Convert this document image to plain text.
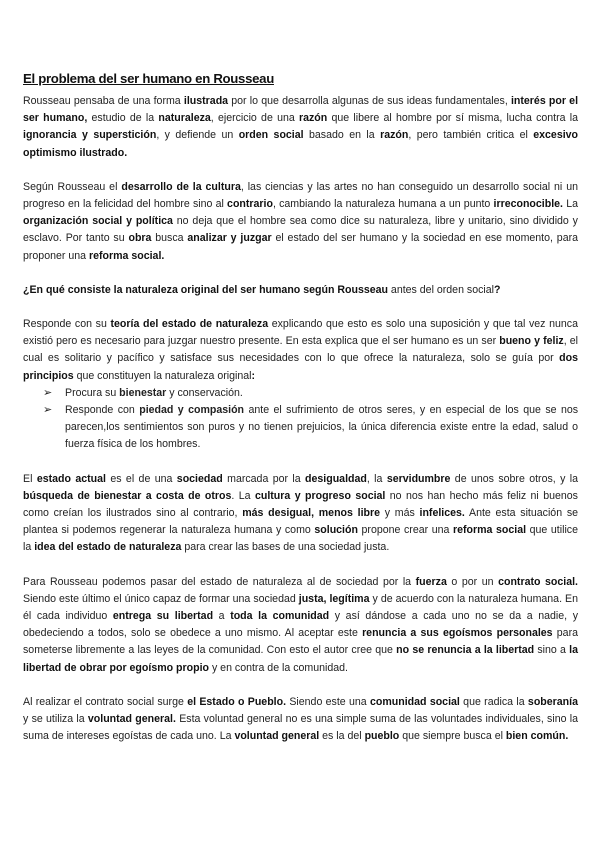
El problema del ser humano en Rousseau

Rousseau pensaba de una forma ilustrada por lo que desarrolla algunas de sus ideas fundamentales, interés por el ser humano, estudio de la naturaleza, ejercicio de una razón que libere al hombre por sí misma, lucha contra la ignorancia y superstición, y defiende un orden social basado en la razón, pero también critica el excesivo optimismo ilustrado.

Según Rousseau el desarrollo de la cultura, las ciencias y las artes no han conseguido un desarrollo social ni un progreso en la felicidad del hombre sino al contrario, cambiando la naturaleza humana a un punto irreconocible. La organización social y política no deja que el hombre sea como dice su naturaleza, libre y unitario, sino dividido y esclavo. Por tanto su obra busca analizar y juzgar el estado del ser humano y la sociedad en ese momento, para proponer una reforma social.

¿En qué consiste la naturaleza original del ser humano según Rousseau antes del orden social?

Responde con su teoría del estado de naturaleza explicando que esto es solo una suposición y que tal vez nunca existió pero es necesario para juzgar nuestro presente. En esta explica que el ser humano es un ser bueno y feliz, el cual es solitario y pacífico y satisface sus necesidades con lo que ofrece la naturaleza, solo se guía por dos principios que constituyen la naturaleza original:

➢ Procura su bienestar y conservación.
➢ Responde con piedad y compasión ante el sufrimiento de otros seres, y en especial de los que se nos parecen,los sentimientos son puros y no tienen prejuicios, la única diferencia existe entre la edad, salud o fuerza física de los hombres.

El estado actual es el de una sociedad marcada por la desigualdad, la servidumbre de unos sobre otros, y la búsqueda de bienestar a costa de otros. La cultura y progreso social no nos han hecho más feliz ni buenos como creían los ilustrados sino al contrario, más desigual, menos libre y más infelices. Ante esta situación se plantea si podemos regenerar la naturaleza humana y como solución propone crear una reforma social que utilice la idea del estado de naturaleza para crear las bases de una sociedad justa.

Para Rousseau podemos pasar del estado de naturaleza al de sociedad por la fuerza o por un contrato social. Siendo este último el único capaz de formar una sociedad justa, legítima y de acuerdo con la naturaleza humana. En él cada individuo entrega su libertad a toda la comunidad y así dándose a cada uno no se da a nadie, y obedeciendo a todos, solo se obedece a uno mismo. Al aceptar este renuncia a sus egoísmos personales para someterse libremente a las leyes de la comunidad. Con esto el autor cree que no se renuncia a la libertad sino a la libertad de obrar por egoísmo propio y en contra de la comunidad.

Al realizar el contrato social surge el Estado o Pueblo. Siendo este una comunidad social que radica la soberanía y se utiliza la voluntad general. Esta voluntad general no es una simple suma de las voluntades individuales, sino la suma de intereses egoístas de cada uno. La voluntad general es la del pueblo que siempre busca el bien común.
